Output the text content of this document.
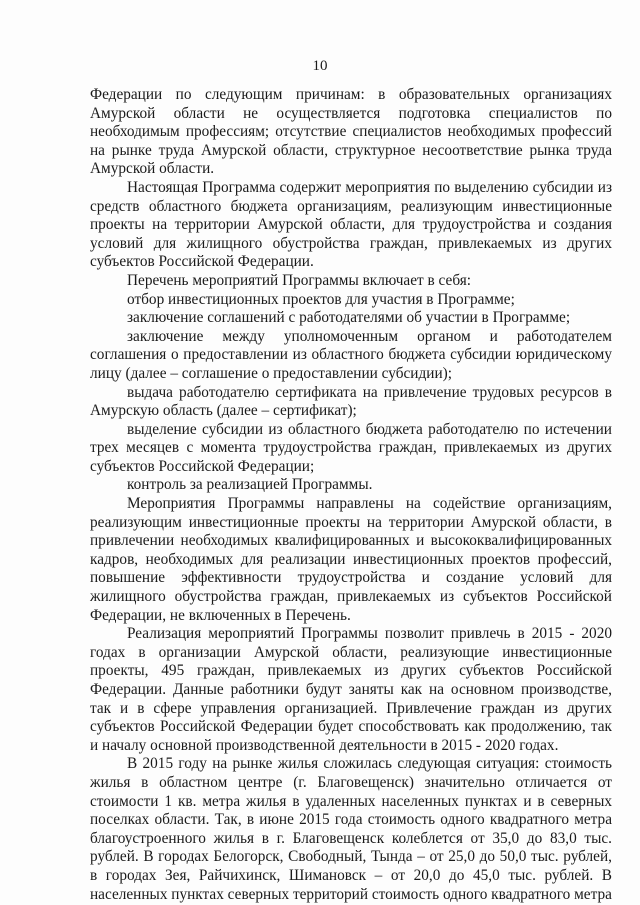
10

Федерации по следующим причинам: в образовательных организациях Амурской области не осуществляется подготовка специалистов по необходимым профессиям; отсутствие специалистов необходимых профессий на рынке труда Амурской области, структурное несоответствие рынка труда Амурской области.

Настоящая Программа содержит мероприятия по выделению субсидии из средств областного бюджета организациям, реализующим инвестиционные проекты на территории Амурской области, для трудоустройства и создания условий для жилищного обустройства граждан, привлекаемых из других субъектов Российской Федерации.

Перечень мероприятий Программы включает в себя:

отбор инвестиционных проектов для участия в Программе;

заключение соглашений с работодателями об участии в Программе;

заключение между уполномоченным органом и работодателем соглашения о предоставлении из областного бюджета субсидии юридическому лицу (далее – соглашение о предоставлении субсидии);

выдача работодателю сертификата на привлечение трудовых ресурсов в Амурскую область (далее – сертификат);

выделение субсидии из областного бюджета работодателю по истечении трех месяцев с момента трудоустройства граждан, привлекаемых из других субъектов Российской Федерации;

контроль за реализацией Программы.

Мероприятия Программы направлены на содействие организациям, реализующим инвестиционные проекты на территории Амурской области, в привлечении необходимых квалифицированных и высококвалифицированных кадров, необходимых для реализации инвестиционных проектов профессий, повышение эффективности трудоустройства и создание условий для жилищного обустройства граждан, привлекаемых из субъектов Российской Федерации, не включенных в Перечень.

Реализация мероприятий Программы позволит привлечь в 2015 - 2020 годах в организации Амурской области, реализующие инвестиционные проекты, 495 граждан, привлекаемых из других субъектов Российской Федерации. Данные работники будут заняты как на основном производстве, так и в сфере управления организацией. Привлечение граждан из других субъектов Российской Федерации будет способствовать как продолжению, так и началу основной производственной деятельности в 2015 - 2020 годах.

В 2015 году на рынке жилья сложилась следующая ситуация: стоимость жилья в областном центре (г. Благовещенск) значительно отличается от стоимости 1 кв. метра жилья в удаленных населенных пунктах и в северных поселках области. Так, в июне 2015 года стоимость одного квадратного метра благоустроенного жилья в г. Благовещенск колеблется от 35,0 до 83,0 тыс. рублей. В городах Белогорск, Свободный, Тында – от 25,0 до 50,0 тыс. рублей, в городах Зея, Райчихинск, Шимановск – от 20,0 до 45,0 тыс. рублей. В населенных пунктах северных территорий стоимость одного квадратного метра
